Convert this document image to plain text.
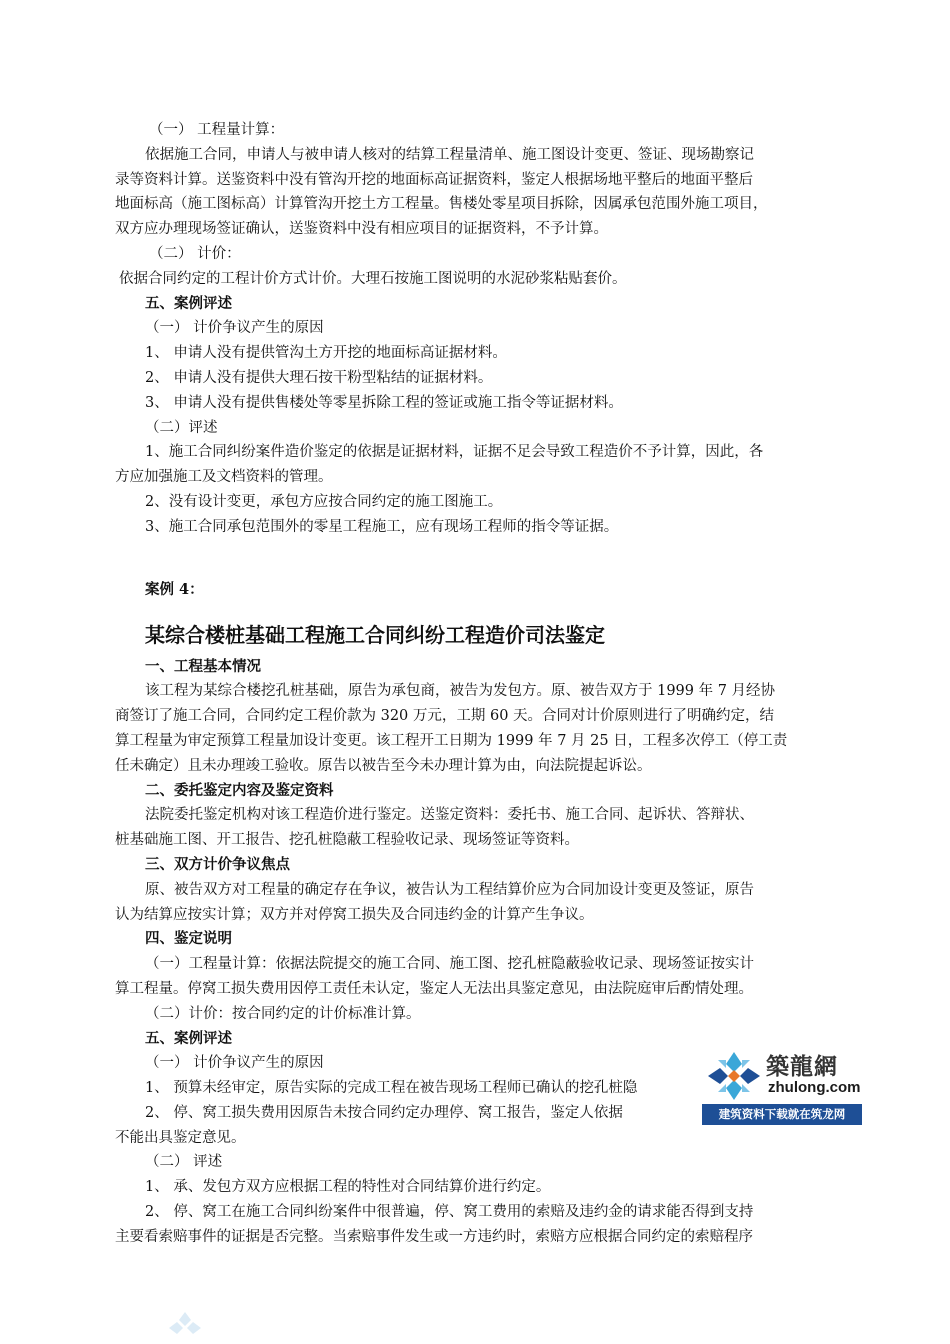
（一） 工程量计算：

依据施工合同，申请人与被申请人核对的结算工程量清单、施工图设计变更、签证、现场勘察记

录等资料计算。送鉴资料中没有管沟开挖的地面标高证据资料，鉴定人根据场地平整后的地面平整后

地面标高（施工图标高）计算管沟开挖土方工程量。售楼处零星项目拆除，因属承包范围外施工项目，

双方应办理现场签证确认，送鉴资料中没有相应项目的证据资料，不予计算。

（二） 计价：

依据合同约定的工程计价方式计价。大理石按施工图说明的水泥砂浆粘贴套价。

五、案例评述

（一） 计价争议产生的原因

1、 申请人没有提供管沟土方开挖的地面标高证据材料。

2、 申请人没有提供大理石按干粉型粘结的证据材料。

3、 申请人没有提供售楼处等零星拆除工程的签证或施工指令等证据材料。

（二）评述

1、施工合同纠纷案件造价鉴定的依据是证据材料，证据不足会导致工程造价不予计算，因此，各

方应加强施工及文档资料的管理。

2、没有设计变更，承包方应按合同约定的施工图施工。

3、施工合同承包范围外的零星工程施工，应有现场工程师的指令等证据。

案例 4：

某综合楼桩基础工程施工合同纠纷工程造价司法鉴定

一、工程基本情况

该工程为某综合楼挖孔桩基础，原告为承包商，被告为发包方。原、被告双方于 1999 年 7 月经协

商签订了施工合同，合同约定工程价款为 320 万元，工期 60 天。合同对计价原则进行了明确约定，结

算工程量为审定预算工程量加设计变更。该工程开工日期为 1999 年 7 月 25 日，工程多次停工（停工责

任未确定）且未办理竣工验收。原告以被告至今未办理计算为由，向法院提起诉讼。

二、委托鉴定内容及鉴定资料

法院委托鉴定机构对该工程造价进行鉴定。送鉴定资料：委托书、施工合同、起诉状、答辩状、

桩基础施工图、开工报告、挖孔桩隐蔽工程验收记录、现场签证等资料。

三、双方计价争议焦点

原、被告双方对工程量的确定存在争议，被告认为工程结算价应为合同加设计变更及签证，原告

认为结算应按实计算；双方并对停窝工损失及合同违约金的计算产生争议。

四、鉴定说明

（一）工程量计算：依据法院提交的施工合同、施工图、挖孔桩隐蔽验收记录、现场签证按实计

算工程量。停窝工损失费用因停工责任未认定，鉴定人无法出具鉴定意见，由法院庭审后酌情处理。

（二）计价：按合同约定的计价标准计算。

五、案例评述

（一） 计价争议产生的原因

1、 预算未经审定，原告实际的完成工程在被告现场工程师已确认的挖孔桩隐

2、 停、窝工损失费用因原告未按合同约定办理停、窝工报告，鉴定人依据

不能出具鉴定意见。

（二） 评述

1、 承、发包方双方应根据工程的特性对合同结算价进行约定。

2、 停、窝工在施工合同纠纷案件中很普遍，停、窝工费用的索赔及违约金的请求能否得到支持

主要看索赔事件的证据是否完整。当索赔事件发生或一方违约时，索赔方应根据合同约定的索赔程序

築龍網
zhulong.com
建筑资料下载就在筑龙网
